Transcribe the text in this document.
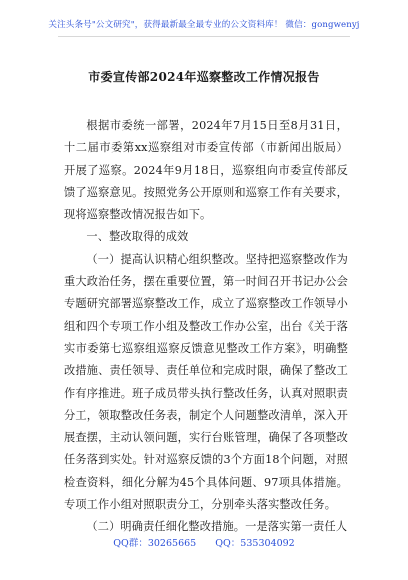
关注头条号"公文研究"，获得最新最全最专业的公文资料库！ 微信：gongwenyj
市委宣传部2024年巡察整改工作情况报告

根据市委统一部署，2024年7月15日至8月31日，十二届市委第xx巡察组对市委宣传部（市新闻出版局）开展了巡察。2024年9月18日，巡察组向市委宣传部反馈了巡察意见。按照党务公开原则和巡察工作有关要求，现将巡察整改情况报告如下。

一、整改取得的成效

（一）提高认识精心组织整改。坚持把巡察整改作为重大政治任务，摆在重要位置，第一时间召开书记办公会专题研究部署巡察整改工作，成立了巡察整改工作领导小组和四个专项工作小组及整改工作办公室，出台《关于落实市委第七巡察组巡察反馈意见整改工作方案》，明确整改措施、责任领导、责任单位和完成时限，确保了整改工作有序推进。班子成员带头执行整改任务，认真对照职责分工，领取整改任务表，制定个人问题整改清单，深入开展查摆，主动认领问题，实行台账管理，确保了各项整改任务落到实处。针对巡察反馈的3个方面18个问题，对照检查资料，细化分解为45个具体问题、97项具体措施。专项工作小组对照职责分工，分别牵头落实整改任务。

（二）明确责任细化整改措施。一是落实第一责任人

QQ群：30265665 QQ：535304092
